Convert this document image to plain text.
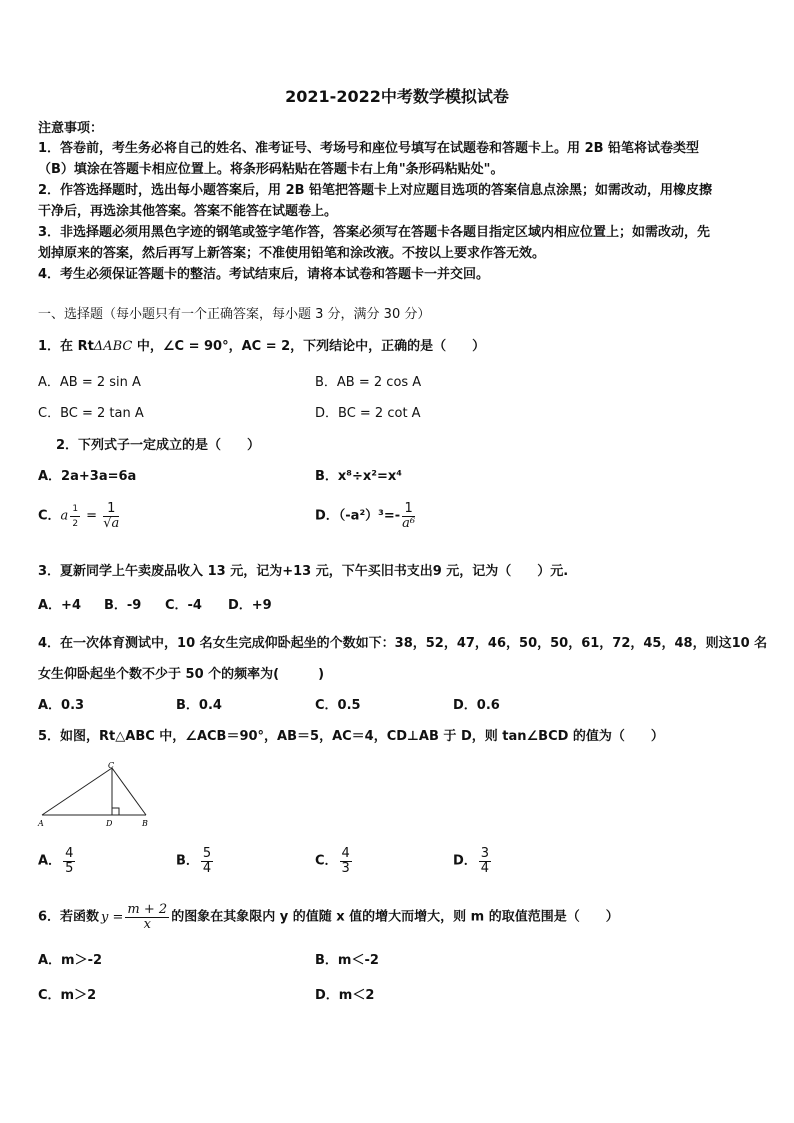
2021-2022中考数学模拟试卷
注意事项：
1．答卷前，考生务必将自己的姓名、准考证号、考场号和座位号填写在试题卷和答题卡上。用 2B 铅笔将试卷类型
（B）填涂在答题卡相应位置上。将条形码粘贴在答题卡右上角"条形码粘贴处"。
2．作答选择题时，选出每小题答案后，用 2B 铅笔把答题卡上对应题目选项的答案信息点涂黑；如需改动，用橡皮擦
干净后，再选涂其他答案。答案不能答在试题卷上。
3．非选择题必须用黑色字迹的钢笔或签字笔作答，答案必须写在答题卡各题目指定区域内相应位置上；如需改动，先
划掉原来的答案，然后再写上新答案；不准使用铅笔和涂改液。不按以上要求作答无效。
4．考生必须保证答题卡的整洁。考试结束后，请将本试卷和答题卡一并交回。
一、选择题（每小题只有一个正确答案，每小题 3 分，满分 30 分）
1．在 RtΔABC 中，∠C = 90°，AC = 2，下列结论中，正确的是（　　）
A．AB = 2 sin A	B．AB = 2 cos A
C．BC = 2 tan A	D．BC = 2 cot A
2．下列式子一定成立的是（　　）
A．2a+3a=6a	B．x⁸÷x²=x⁴
C．a $\frac{1}{2} = \frac{1}{√a}$	D．$(-a^2)^3=- \frac{1}{\text{a⁶}}$
3．夏新同学上午卖废品收入 13 元，记为+13 元，下午买旧书支出9 元，记为（　　）元.
A．+4 B．-9 C．-4 D．+9
4．在一次体育测试中，10 名女生完成仰卧起坐的个数如下：38，52，47，46，50，50，61，72，45，48，则这10 名
女生仰卧起坐个数不少于 50 个的频率为(　　　)
A．0.3	B．0.4	C．0.5	D．0.6
5．如图，Rt△ABC 中，∠ACB＝90°，AB＝5，AC＝4，CD⊥AB 于 D，则 tan∠BCD 的值为（　　）
A	D	B
C
A． $\frac{4}{5}$	B． $\frac{5}{4}$	C． $\frac{4}{3}$	D． $\frac{3}{4}$
6．若函数 $y = \frac{m + 2}{x}$ 的图象在其象限内 y 的值随 x 值的增大而增大，则 m 的取值范围是（　　）
A．m＞-2	B．m＜-2
C．m＞2	D．m＜2
